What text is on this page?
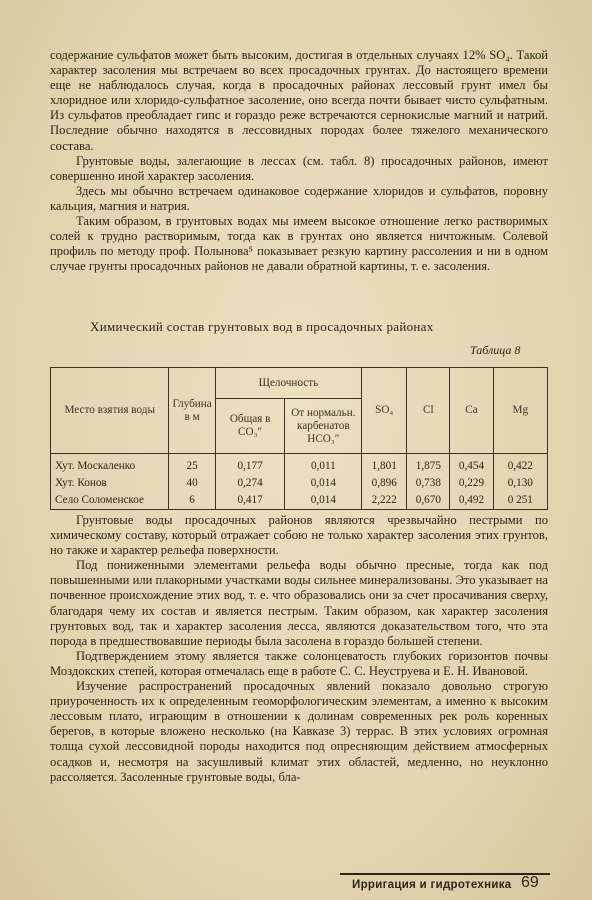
содержание сульфатов может быть высоким, достигая в отдельных случаях 12% SO₄. Такой характер засоления мы встречаем во всех просадочных грунтах. До настоящего времени еще не наблюдалось случая, когда в просадочных районах лессовый грунт имел бы хлоридное или хлоридо-сульфатное засоление, оно всегда почти бывает чисто сульфатным. Из сульфатов преобладает гипс и гораздо реже встречаются сернокислые магний и натрий. Последние обычно находятся в лессовидных породах более тяжелого механического состава.

Грунтовые воды, залегающие в лессах (см. табл. 8) просадочных районов, имеют совершенно иной характер засоления.

Здесь мы обычно встречаем одинаковое содержание хлоридов и сульфатов, поровну кальция, магния и натрия.

Таким образом, в грунтовых водах мы имеем высокое отношение легко растворимых солей к трудно растворимым, тогда как в грунтах оно является ничтожным. Солевой профиль по методу проф. Полынова⁵ показывает резкую картину рассоления и ни в одном случае грунты просадочных районов не давали обратной картины, т. е. засоления.

Химический состав грунтовых вод в просадочных районах
Таблица 8
Место взятия воды	Глубина в м	Щелочность		SO₄	Cl	Ca	Mg
		Общая в CO₃″	От нормальн. карбенатов HCO₃″				
Хут. Москаленко	25	0,177	0,011	1,801	1,875	0,454	0,422
Хут. Конов	40	0,274	0,014	0,896	0,738	0,229	0,130
Село Соломенское	6	0,417	0,014	2,222	0,670	0,492	0 251

Грунтовые воды просадочных районов являются чрезвычайно пестрыми по химическому составу, который отражает собою не только характер засоления этих грунтов, но также и характер рельефа поверхности.

Под пониженными элементами рельефа воды обычно пресные, тогда как под повышенными или плакорными участками воды сильнее минерализованы. Это указывает на почвенное происхождение этих вод, т. е. что образовались они за счет просачивания сверху, благодаря чему их состав и является пестрым. Таким образом, как характер засоления грунтовых вод, так и характер засоления лесса, являются доказательством того, что эта порода в предшествовавшие периоды была засолена в гораздо большей степени.

Подтверждением этому является также солонцеватость глубоких горизонтов почвы Моздокских степей, которая отмечалась еще в работе С. С. Неуструева и Е. Н. Ивановой.

Изучение распространений просадочных явлений показало довольно строгую приуроченность их к определенным геоморфологическим элементам, а именно к высоким лессовым плато, играющим в отношении к долинам современных рек роль коренных берегов, в которые вложено несколько (на Кавказе 3) террас. В этих условиях огромная толща сухой лессовидной породы находится под опресняющим действием атмосферных осадков и, несмотря на засушливый климат этих областей, медленно, но неуклонно рассоляется. Засоленные грунтовые воды, бла-

Ирригация и гидротехника 69
